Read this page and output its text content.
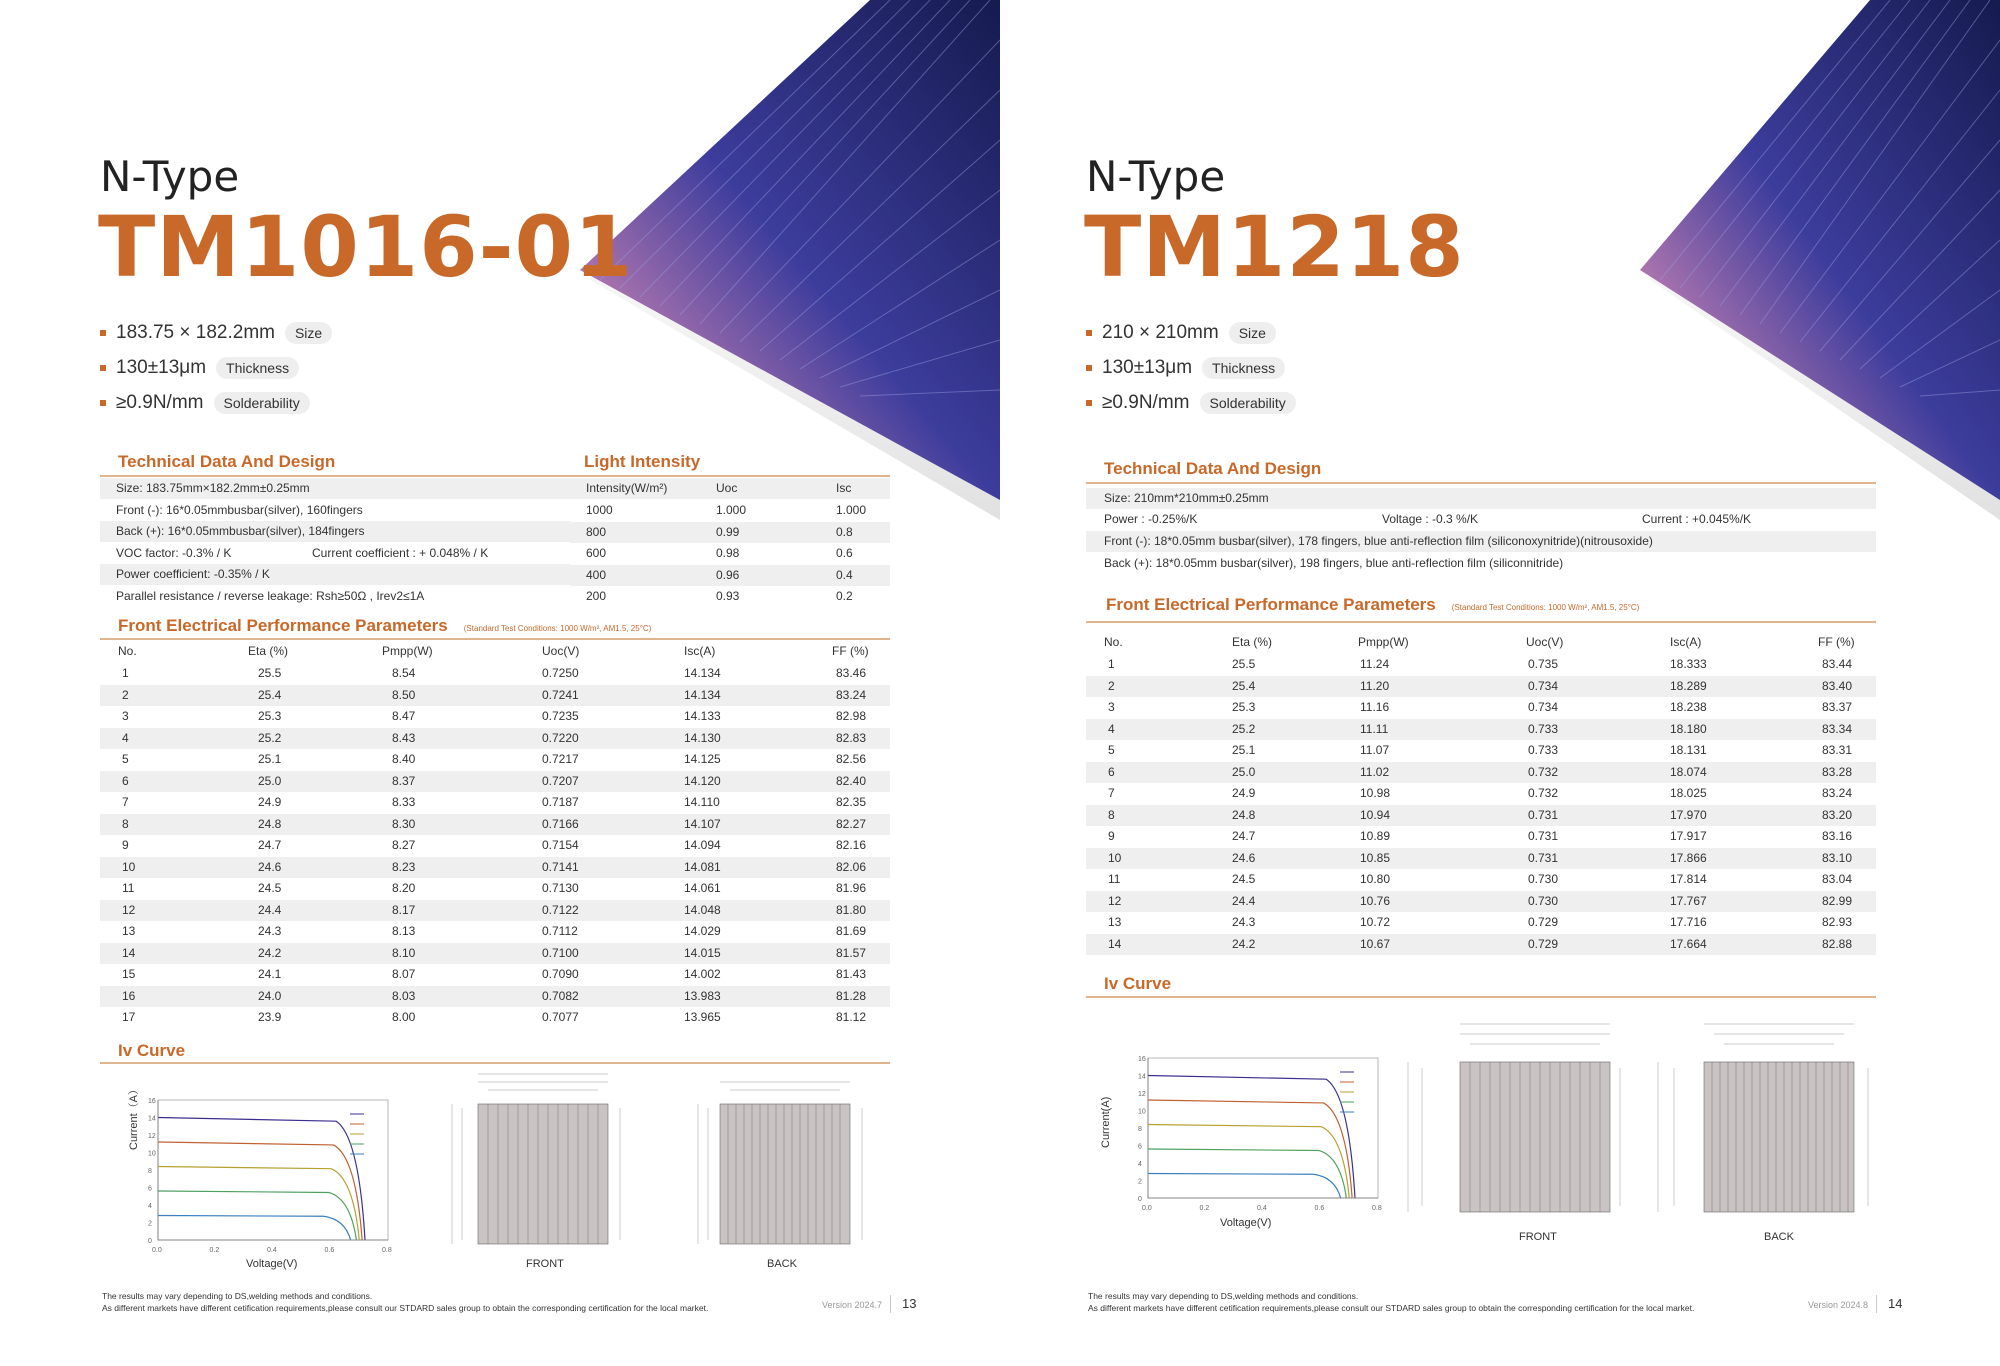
N-Type
TM1016-01
183.75 × 182.2mm	Size
130±13μm	Thickness
≥0.9N/mm	Solderability
Technical Data And Design	Light Intensity
Size: 183.75mm×182.2mm±0.25mm
Front (-): 16*0.05mmbusbar(silver), 160fingers
Back (+): 16*0.05mmbusbar(silver), 184fingers
VOC factor: -0.3% / K	Current coefficient : + 0.048% / K
Power coefficient: -0.35% / K
Parallel resistance / reverse leakage: Rsh≥50Ω , Irev2≤1A
Intensity(W/m²)	Uoc	Isc
1000	1.000	1.000
800	0.99	0.8
600	0.98	0.6
400	0.96	0.4
200	0.93	0.2
Front Electrical Performance Parameters (Standard Test Conditions: 1000 W/m², AM1.5, 25°C)
No.	Eta (%)	Pmpp(W)	Uoc(V)	Isc(A)	FF (%)
1	25.5	8.54	0.7250	14.134	83.46
2	25.4	8.50	0.7241	14.134	83.24
3	25.3	8.47	0.7235	14.133	82.98
4	25.2	8.43	0.7220	14.130	82.83
5	25.1	8.40	0.7217	14.125	82.56
6	25.0	8.37	0.7207	14.120	82.40
7	24.9	8.33	0.7187	14.110	82.35
8	24.8	8.30	0.7166	14.107	82.27
9	24.7	8.27	0.7154	14.094	82.16
10	24.6	8.23	0.7141	14.081	82.06
11	24.5	8.20	0.7130	14.061	81.96
12	24.4	8.17	0.7122	14.048	81.80
13	24.3	8.13	0.7112	14.029	81.69
14	24.2	8.10	0.7100	14.015	81.57
15	24.1	8.07	0.7090	14.002	81.43
16	24.0	8.03	0.7082	13.983	81.28
17	23.9	8.00	0.7077	13.965	81.12
Iv Curve
0.0	0.2	0.4	0.6	0.8
0
2
4
6
8
10
12
14
16
Current（A）
Voltage(V)	FRONT	BACK
The results may vary depending to DS,welding methods and conditions.
As different markets have different cetification requirements,please consult our STDARD sales group to obtain the corresponding certification for the local market.	Version 2024.7 13
N-Type
TM1218
210 × 210mm	Size
130±13μm	Thickness
≥0.9N/mm	Solderability
Technical Data And Design
Size: 210mm*210mm±0.25mm
Power : -0.25%/K	Voltage : -0.3 %/K	Current : +0.045%/K
Front (-): 18*0.05mm busbar(silver), 178 fingers, blue anti-reflection film (siliconoxynitride)(nitrousoxide)
Back (+): 18*0.05mm busbar(silver), 198 fingers, blue anti-reflection film (siliconnitride)
Front Electrical Performance Parameters (Standard Test Conditions: 1000 W/m², AM1.5, 25°C)
No.	Eta (%)	Pmpp(W)	Uoc(V)	Isc(A)	FF (%)
1	25.5	11.24	0.735	18.333	83.44
2	25.4	11.20	0.734	18.289	83.40
3	25.3	11.16	0.734	18.238	83.37
4	25.2	11.11	0.733	18.180	83.34
5	25.1	11.07	0.733	18.131	83.31
6	25.0	11.02	0.732	18.074	83.28
7	24.9	10.98	0.732	18.025	83.24
8	24.8	10.94	0.731	17.970	83.20
9	24.7	10.89	0.731	17.917	83.16
10	24.6	10.85	0.731	17.866	83.10
11	24.5	10.80	0.730	17.814	83.04
12	24.4	10.76	0.730	17.767	82.99
13	24.3	10.72	0.729	17.716	82.93
14	24.2	10.67	0.729	17.664	82.88
Iv Curve
0.0	0.2	0.4	0.6	0.8
0
2
4
6
8
10
12
14
16
Current(A)
Voltage(V)
FRONT	BACK
The results may vary depending to DS,welding methods and conditions.
As different markets have different cetification requirements,please consult our STDARD sales group to obtain the corresponding certification for the local market.	Version 2024.8 14
